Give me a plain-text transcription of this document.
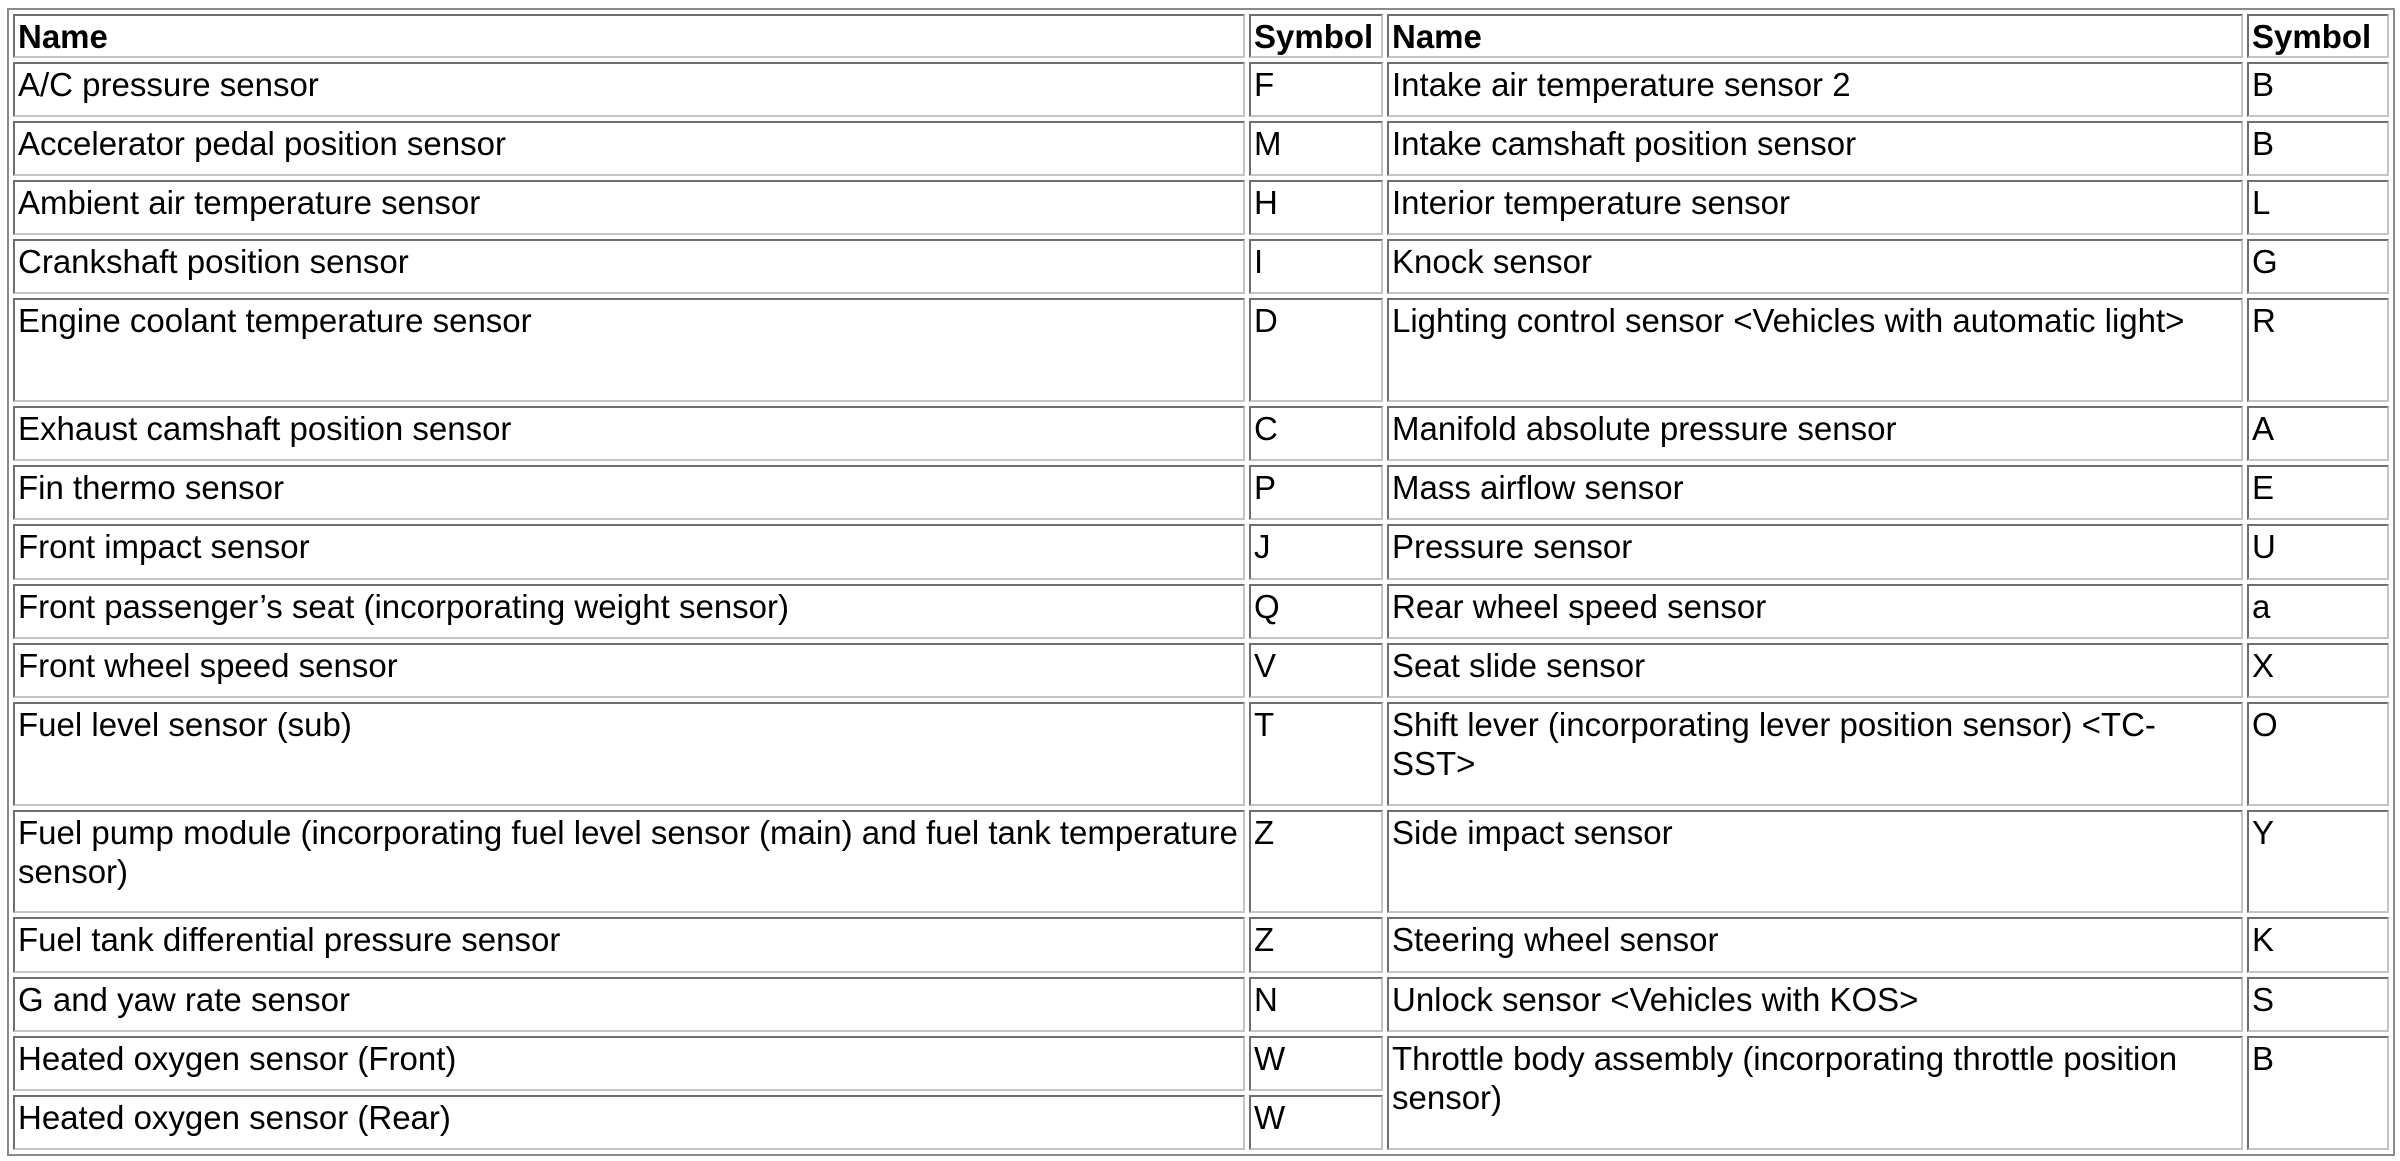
Name	Symbol	Name	Symbol
A/C pressure sensor	F	Intake air temperature sensor 2	B
Accelerator pedal position sensor	M	Intake camshaft position sensor	B
Ambient air temperature sensor	H	Interior temperature sensor	L
Crankshaft position sensor	I	Knock sensor	G
Engine coolant temperature sensor	D	Lighting control sensor <Vehicles with automatic light>	R
Exhaust camshaft position sensor	C	Manifold absolute pressure sensor	A
Fin thermo sensor	P	Mass airflow sensor	E
Front impact sensor	J	Pressure sensor	U
Front passenger’s seat (incorporating weight sensor)	Q	Rear wheel speed sensor	a
Front wheel speed sensor	V	Seat slide sensor	X
Fuel level sensor (sub)	T	Shift lever (incorporating lever position sensor) <TC-SST>	O
Fuel pump module (incorporating fuel level sensor (main) and fuel tank temperature sensor)	Z	Side impact sensor	Y
Fuel tank differential pressure sensor	Z	Steering wheel sensor	K
G and yaw rate sensor	N	Unlock sensor <Vehicles with KOS>	S
Heated oxygen sensor (Front)	W	Throttle body assembly (incorporating throttle position sensor)	B
Heated oxygen sensor (Rear)	W		
